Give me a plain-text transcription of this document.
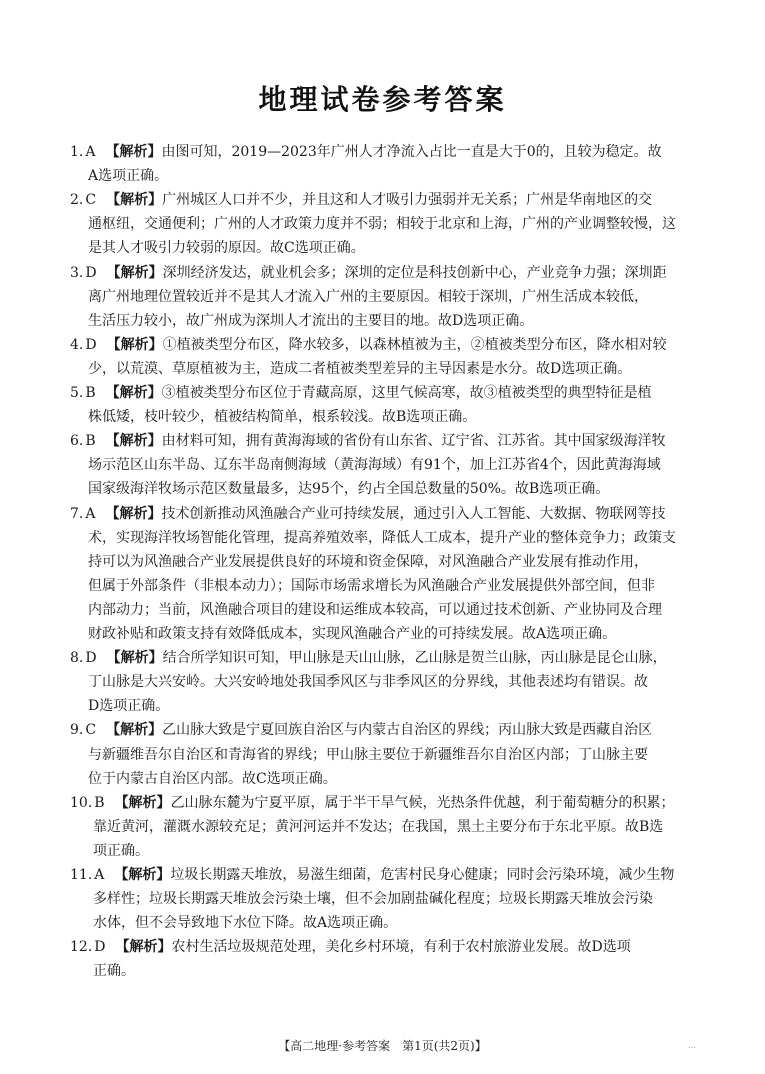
地理试卷参考答案
1. A 【解析】由图可知，2019—2023年广州人才净流入占比一直是大于0的，且较为稳定。故
A选项正确。
2. C 【解析】广州城区人口并不少，并且这和人才吸引力强弱并无关系；广州是华南地区的交
通枢纽，交通便利；广州的人才政策力度并不弱；相较于北京和上海，广州的产业调整较慢，这
是其人才吸引力较弱的原因。故C选项正确。
3. D 【解析】深圳经济发达，就业机会多；深圳的定位是科技创新中心，产业竞争力强；深圳距
离广州地理位置较近并不是其人才流入广州的主要原因。相较于深圳，广州生活成本较低，
生活压力较小，故广州成为深圳人才流出的主要目的地。故D选项正确。
4. D 【解析】①植被类型分布区，降水较多，以森林植被为主，②植被类型分布区，降水相对较
少，以荒漠、草原植被为主，造成二者植被类型差异的主导因素是水分。故D选项正确。
5. B 【解析】③植被类型分布区位于青藏高原，这里气候高寒，故③植被类型的典型特征是植
株低矮，枝叶较少，植被结构简单，根系较浅。故B选项正确。
6. B 【解析】由材料可知，拥有黄海海域的省份有山东省、辽宁省、江苏省。其中国家级海洋牧
场示范区山东半岛、辽东半岛南侧海域（黄海海域）有91个，加上江苏省4个，因此黄海海域
国家级海洋牧场示范区数量最多，达95个，约占全国总数量的50%。故B选项正确。
7. A 【解析】技术创新推动风渔融合产业可持续发展，通过引入人工智能、大数据、物联网等技
术，实现海洋牧场智能化管理，提高养殖效率，降低人工成本，提升产业的整体竞争力；政策支
持可以为风渔融合产业发展提供良好的环境和资金保障，对风渔融合产业发展有推动作用，
但属于外部条件（非根本动力）；国际市场需求增长为风渔融合产业发展提供外部空间，但非
内部动力；当前，风渔融合项目的建设和运维成本较高，可以通过技术创新、产业协同及合理
财政补贴和政策支持有效降低成本，实现风渔融合产业的可持续发展。故A选项正确。
8. D 【解析】结合所学知识可知，甲山脉是天山山脉，乙山脉是贺兰山脉，丙山脉是昆仑山脉，
丁山脉是大兴安岭。大兴安岭地处我国季风区与非季风区的分界线，其他表述均有错误。故
D选项正确。
9. C 【解析】乙山脉大致是宁夏回族自治区与内蒙古自治区的界线；丙山脉大致是西藏自治区
与新疆维吾尔自治区和青海省的界线；甲山脉主要位于新疆维吾尔自治区内部；丁山脉主要
位于内蒙古自治区内部。故C选项正确。
10. B 【解析】乙山脉东麓为宁夏平原，属于半干旱气候，光热条件优越，利于葡萄糖分的积累；
靠近黄河，灌溉水源较充足；黄河河运并不发达；在我国，黑土主要分布于东北平原。故B选
项正确。
11. A 【解析】垃圾长期露天堆放，易滋生细菌，危害村民身心健康；同时会污染环境，减少生物
多样性；垃圾长期露天堆放会污染土壤，但不会加剧盐碱化程度；垃圾长期露天堆放会污染
水体，但不会导致地下水位下降。故A选项正确。
12. D 【解析】农村生活垃圾规范处理，美化乡村环境，有利于农村旅游业发展。故D选项
正确。
【高二地理·参考答案　第1页(共2页)】	...
